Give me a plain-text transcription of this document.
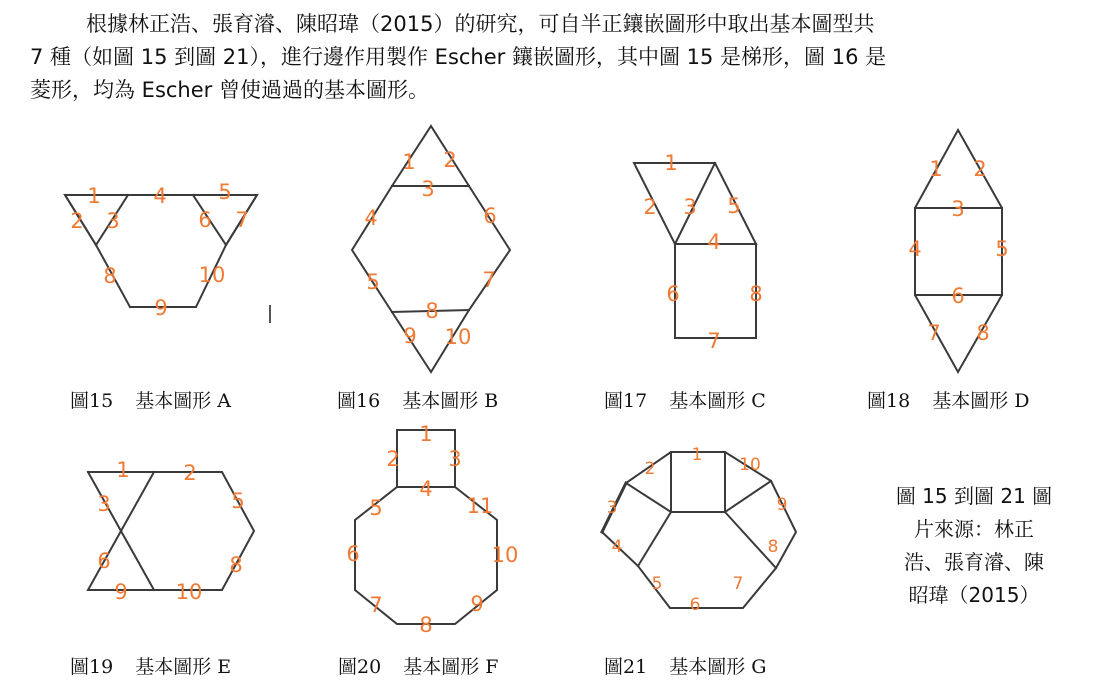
根據林正浩、張育濬、陳昭瑋（2015）的研究，可自半正鑲嵌圖形中取出基本圖型共
7 種（如圖 15 到圖 21），進行邊作用製作 Escher 鑲嵌圖形，其中圖 15 是梯形，圖 16 是
菱形，均為 Escher 曾使過過的基本圖形。
1
2 3
4 5
6 7
8
9
10
1 2
3
4
5
6
7
8
9 10
1
2 3
4
5
6
7
8
1 2
3
4	5
6
7 8
1	2
3	5
6	8
9 10
1
2 3
4
5
6
7
8
9
10
11
1
2
3
4
5
6
7
8
9
10
圖15 基本圖形 A	圖16 基本圖形 B	圖17 基本圖形 C	圖18 基本圖形 D
圖19 基本圖形 E	圖20 基本圖形 F	圖21 基本圖形 G
圖 15 到圖 21 圖
片來源：林正
浩、張育濬、陳
昭瑋（2015）
